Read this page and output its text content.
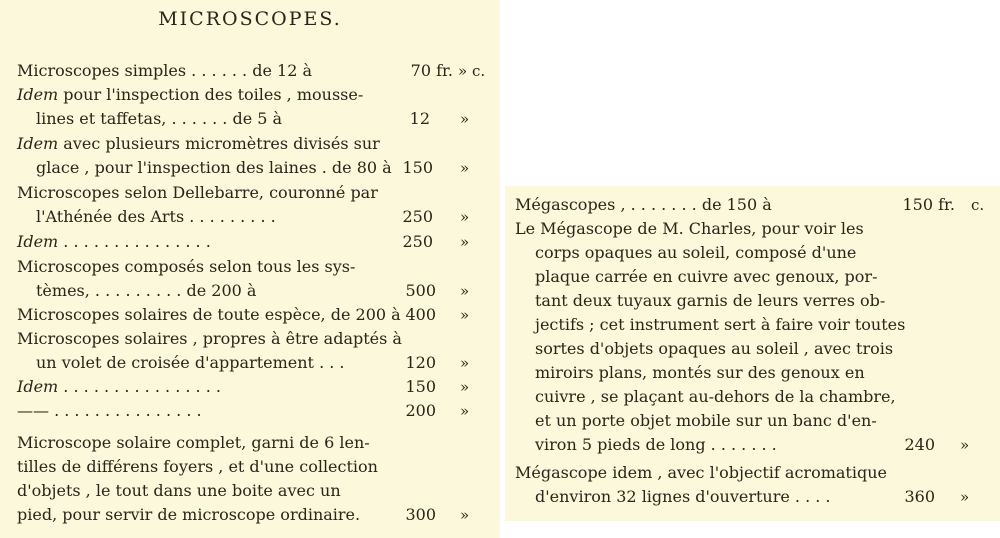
MICROSCOPES.
Microscopes simples . . . . . . de 12 à	70 fr. » c.
Idem pour l'inspection des toiles , mousse-
lines et taffetas, . . . . . . de 5 à	12 »
Idem avec plusieurs micromètres divisés sur
glace , pour l'inspection des laines . de 80 à 150 »
Microscopes selon Dellebarre, couronné par
l'Athénée des Arts . . . . . . . . .	250 »
Idem . . . . . . . . . . . . . . .	250 »
Microscopes composés selon tous les sys-
tèmes, . . . . . . . . . de 200 à	500 »
Microscopes solaires de toute espèce, de 200 à 400 »
Microscopes solaires , propres à être adaptés à
un volet de croisée d'appartement . . .	120 »
Idem . . . . . . . . . . . . . . . .	150 »
—— . . . . . . . . . . . . . . .	200 »
Microscope solaire complet, garni de 6 len-
tilles de différens foyers , et d'une collection
d'objets , le tout dans une boite avec un
pied, pour servir de microscope ordinaire.	300 »
Mégascopes , . . . . . . . de 150 à	150 fr. c.
Le Mégascope de M. Charles, pour voir les
corps opaques au soleil, composé d'une
plaque carrée en cuivre avec genoux, por-
tant deux tuyaux garnis de leurs verres ob-
jectifs ; cet instrument sert à faire voir toutes
sortes d'objets opaques au soleil , avec trois
miroirs plans, montés sur des genoux en
cuivre , se plaçant au-dehors de la chambre,
et un porte objet mobile sur un banc d'en-
viron 5 pieds de long . . . . . . .	240 »
Mégascope idem , avec l'objectif acromatique
d'environ 32 lignes d'ouverture . . . .	360 »
